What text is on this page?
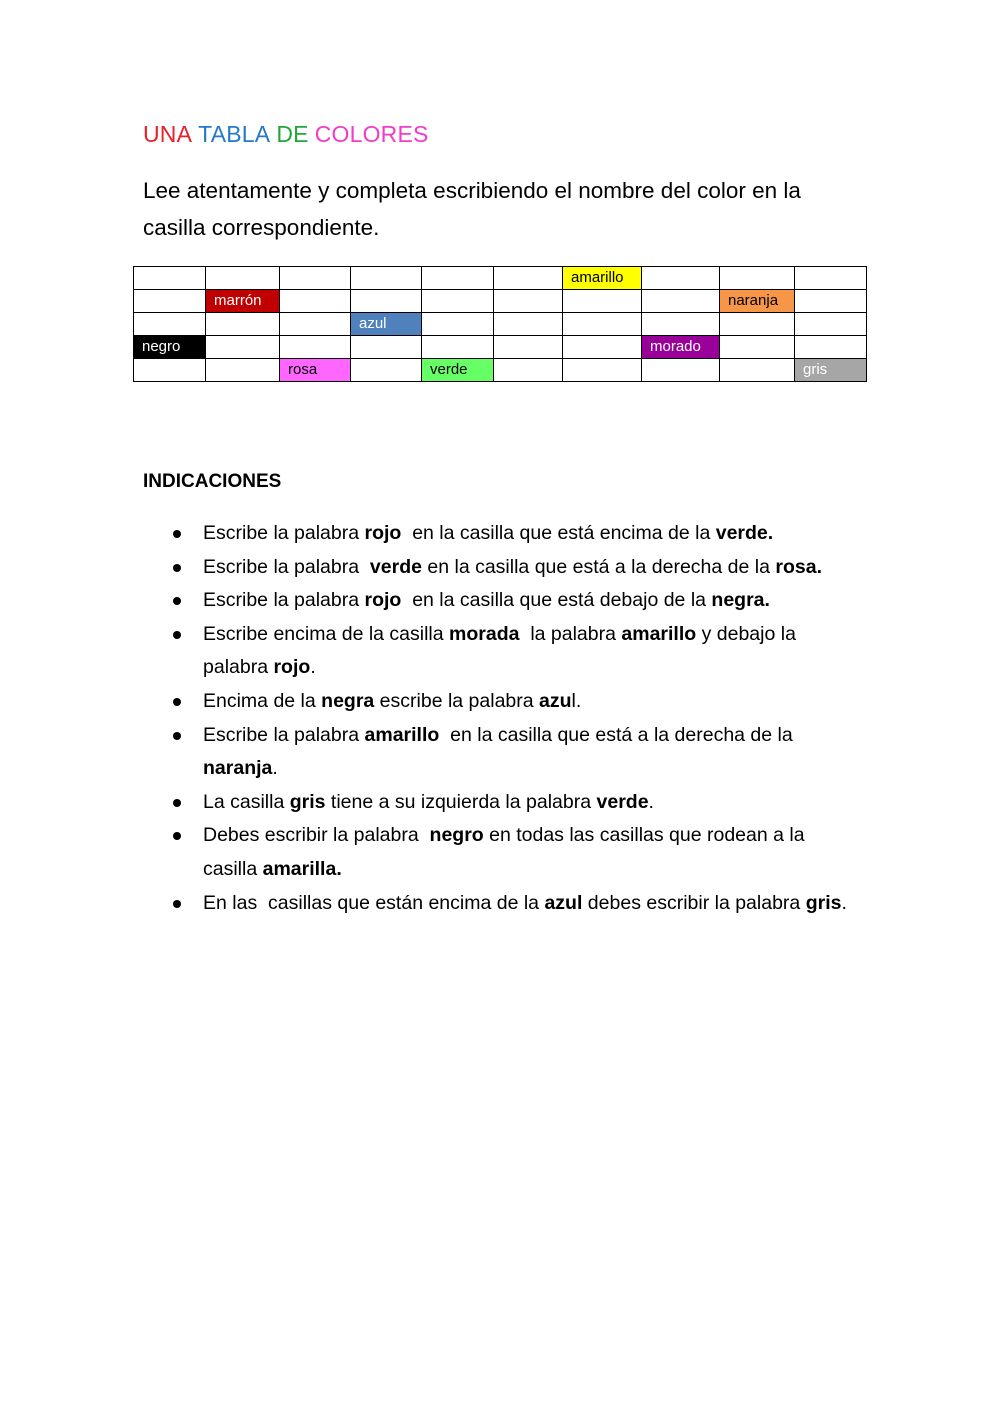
UNA TABLA DE COLORES

Lee atentamente y completa escribiendo el nombre del color en la casilla correspondiente.

						amarillo			
	marrón							naranja	
			azul						
negro							morado		
		rosa		verde					gris
INDICACIONES
Escribe la palabra rojo  en la casilla que está encima de la verde.
Escribe la palabra  verde en la casilla que está a la derecha de la rosa.
Escribe la palabra rojo  en la casilla que está debajo de la negra.
Escribe encima de la casilla morada  la palabra amarillo y debajo la palabra rojo.
Encima de la negra escribe la palabra azul.
Escribe la palabra amarillo  en la casilla que está a la derecha de la naranja.
La casilla gris tiene a su izquierda la palabra verde.
Debes escribir la palabra  negro en todas las casillas que rodean a la casilla amarilla.
En las  casillas que están encima de la azul debes escribir la palabra gris.
